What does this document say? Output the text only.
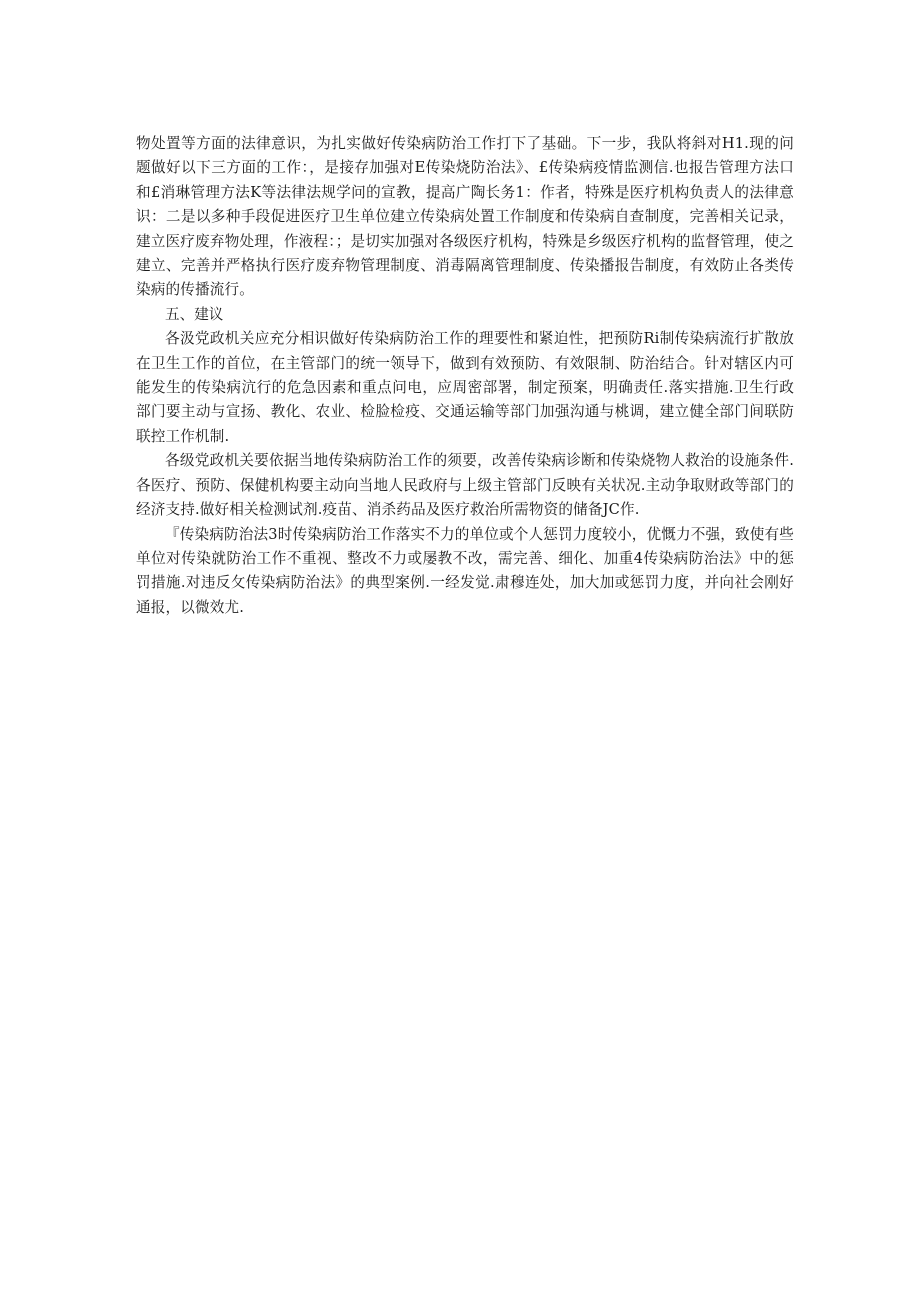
物处置等方面的法律意识，为扎实做好传染病防治工作打下了基础。下一步，我队将斜对H1.现的问题做好以下三方面的工作：，是接存加强对E传染烧防治法》、£传染病疫情监测信.也报告管理方法口和£消琳管理方法K等法律法规学问的宣教，提高广陶长务1：作者，特殊是医疗机构负责人的法律意识：二是以多种手段促进医疗卫生单位建立传染病处置工作制度和传染病自查制度，完善相关记录，建立医疗废弃物处理，作液程：；是切实加强对各级医疗机构，特殊是乡级医疗机构的监督管理，使之建立、完善并严格执行医疗废弃物管理制度、消毒隔离管理制度、传染播报告制度，有效防止各类传染病的传播流行。

五、建议

各汲党政机关应充分相识做好传染病防治工作的理要性和紧迫性，把预防Ri制传染病流行扩散放在卫生工作的首位，在主管部门的统一领导下，做到有效预防、有效限制、防治结合。针对辖区内可能发生的传染病沆行的危急因素和重点问电，应周密部署，制定预案，明确责任.落实措施.卫生行政部门要主动与宣扬、教化、农业、检脸检疫、交通运输等部门加强沟通与桃调，建立健全部门间联防联控工作机制.

各级党政机关要依据当地传染病防治工作的须要，改善传染病诊断和传染烧物人救治的设施条件.各医疗、预防、保健机构要主动向当地人民政府与上级主管部门反映有关状况.主动争取财政等部门的经济支持.做好相关检测试剂.疫苗、消杀药品及医疗救治所需物资的储备JC作.

『传染病防治法3时传染病防治工作落实不力的单位或个人惩罚力度较小，优慨力不强，致使有些单位对传染就防治工作不重视、整改不力或屡教不改，需完善、细化、加重4传染病防治法》中的惩罚措施.对违反攵传染病防治法》的典型案例.一经发觉.肃穆连处，加大加或惩罚力度，并向社会刚好通报，以微效尤.
